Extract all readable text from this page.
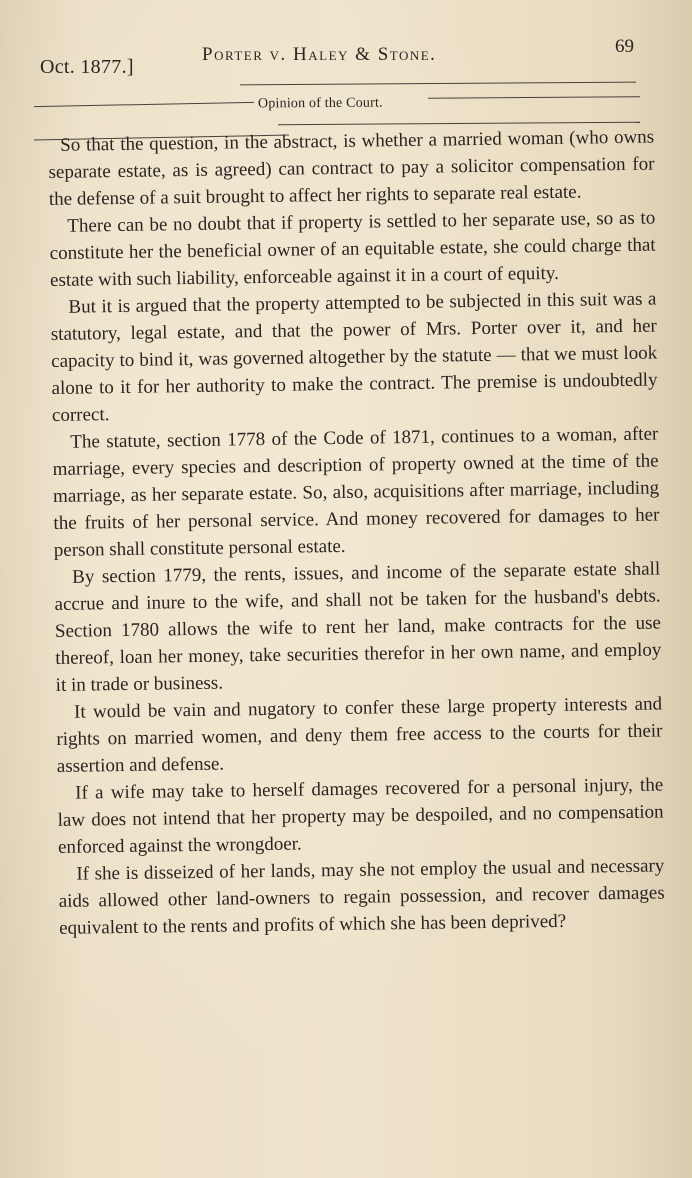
Oct. 1877.]
Porter v. Haley & Stone.	69
Opinion of the Court.

So that the question, in the abstract, is whether a married woman (who owns separate estate, as is agreed) can contract to pay a solicitor compensation for the defense of a suit brought to affect her rights to separate real estate.

There can be no doubt that if property is settled to her separate use, so as to constitute her the beneficial owner of an equitable estate, she could charge that estate with such liability, enforceable against it in a court of equity.

But it is argued that the property attempted to be subjected in this suit was a statutory, legal estate, and that the power of Mrs. Porter over it, and her capacity to bind it, was governed altogether by the statute — that we must look alone to it for her authority to make the contract. The premise is undoubtedly correct.

The statute, section 1778 of the Code of 1871, continues to a woman, after marriage, every species and description of property owned at the time of the marriage, as her separate estate. So, also, acquisitions after marriage, including the fruits of her personal service. And money recovered for damages to her person shall constitute personal estate.

By section 1779, the rents, issues, and income of the separate estate shall accrue and inure to the wife, and shall not be taken for the husband's debts. Section 1780 allows the wife to rent her land, make contracts for the use thereof, loan her money, take securities therefor in her own name, and employ it in trade or business.

It would be vain and nugatory to confer these large property interests and rights on married women, and deny them free access to the courts for their assertion and defense.

If a wife may take to herself damages recovered for a personal injury, the law does not intend that her property may be despoiled, and no compensation enforced against the wrongdoer.

If she is disseized of her lands, may she not employ the usual and necessary aids allowed other land-owners to regain possession, and recover damages equivalent to the rents and profits of which she has been deprived?
